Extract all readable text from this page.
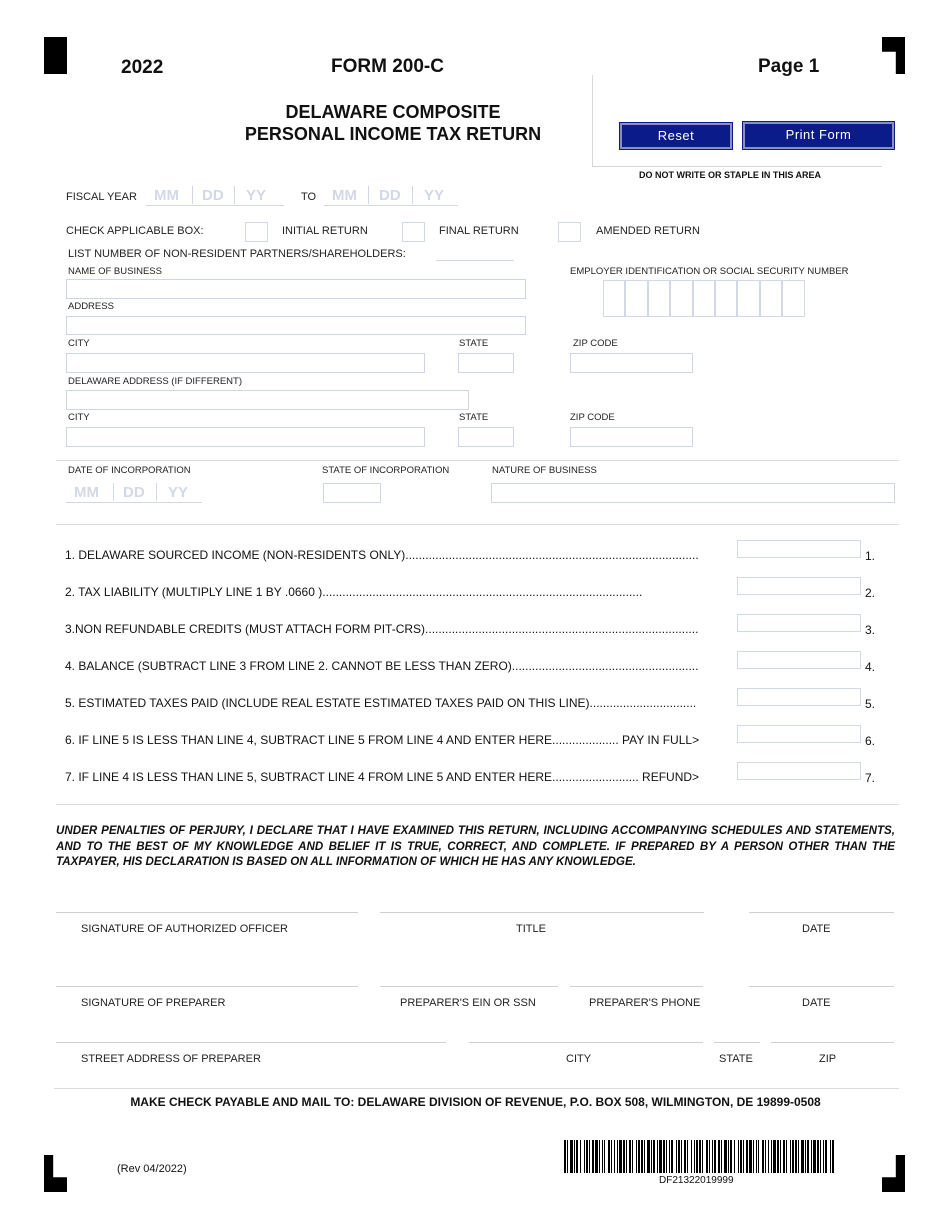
2022	FORM 200-C	Page 1
DELAWARE COMPOSITE
PERSONAL INCOME TAX RETURN	Reset	Print Form
DO NOT WRITE OR STAPLE IN THIS AREA
FISCAL YEAR MM DD YY	TO MM DD YY
CHECK APPLICABLE BOX:	INITIAL RETURN	FINAL RETURN	AMENDED RETURN
LIST NUMBER OF NON-RESIDENT PARTNERS/SHAREHOLDERS:
NAME OF BUSINESS	EMPLOYER IDENTIFICATION OR SOCIAL SECURITY NUMBER
ADDRESS
CITY	STATE	ZIP CODE
DELAWARE ADDRESS (IF DIFFERENT)
CITY	STATE	ZIP CODE
DATE OF INCORPORATION
MM DD YY
STATE OF INCORPORATION	NATURE OF BUSINESS
1. DELAWARE SOURCED INCOME (NON-RESIDENTS ONLY)........................................................................................	1.
2. TAX LIABILITY (MULTIPLY LINE 1 BY .0660 )................................................................................................	2.
3.NON REFUNDABLE CREDITS (MUST ATTACH FORM PIT-CRS)..................................................................................	3.
4. BALANCE (SUBTRACT LINE 3 FROM LINE 2. CANNOT BE LESS THAN ZERO)........................................................	4.
5. ESTIMATED TAXES PAID (INCLUDE REAL ESTATE ESTIMATED TAXES PAID ON THIS LINE)................................	5.
6. IF LINE 5 IS LESS THAN LINE 4, SUBTRACT LINE 5 FROM LINE 4 AND ENTER HERE.................... PAY IN FULL>	6.
7. IF LINE 4 IS LESS THAN LINE 5, SUBTRACT LINE 4 FROM LINE 5 AND ENTER HERE.......................... REFUND>	7.
UNDER PENALTIES OF PERJURY, I DECLARE THAT I HAVE EXAMINED THIS RETURN, INCLUDING ACCOMPANYING SCHEDULES AND STATEMENTS, AND TO THE BEST OF MY KNOWLEDGE AND BELIEF IT IS TRUE, CORRECT, AND COMPLETE. IF PREPARED BY A PERSON OTHER THAN THE TAXPAYER, HIS DECLARATION IS BASED ON ALL INFORMATION OF WHICH HE HAS ANY KNOWLEDGE.
SIGNATURE OF AUTHORIZED OFFICER	TITLE	DATE
SIGNATURE OF PREPARER	PREPARER'S EIN OR SSN	PREPARER'S PHONE	DATE
STREET ADDRESS OF PREPARER	CITY	STATE	ZIP
MAKE CHECK PAYABLE AND MAIL TO: DELAWARE DIVISION OF REVENUE, P.O. BOX 508, WILMINGTON, DE 19899-0508
(Rev 04/2022)
DF21322019999
